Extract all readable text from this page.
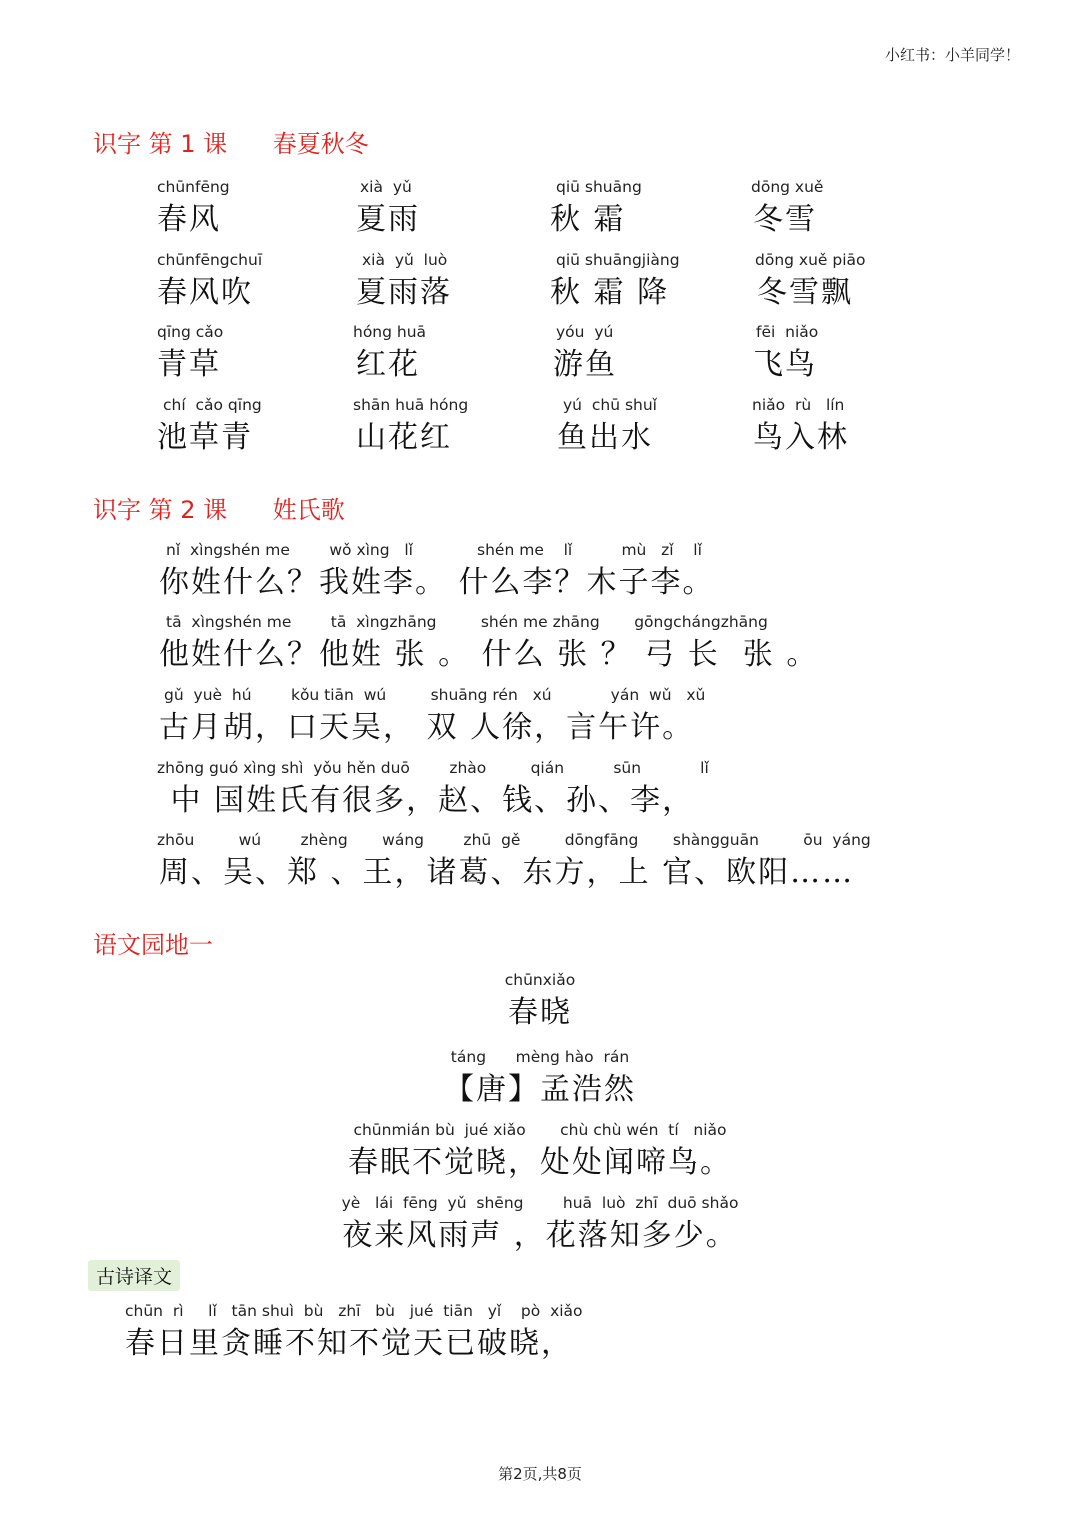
小红书：小羊同学！
识字 第 1 课 春夏秋冬
chūnfēng
春风
xià  yǔ
夏雨
qiū shuāng
秋 霜
dōng xuě
冬雪
chūnfēngchuī
春风吹
xià  yǔ  luò
夏雨落
qiū shuāngjiàng
秋 霜 降
dōng xuě piāo
冬雪飘
qīng cǎo
青草
hóng huā
红花
yóu  yú
游鱼
fēi  niǎo
飞鸟
chí  cǎo qīng
池草青
shān huā hóng
山花红
yú  chū shuǐ
鱼出水
niǎo  rù   lín
鸟入林
识字 第 2 课 姓氏歌
nǐ  xìngshén me        wǒ xìng   lǐ             shén me    lǐ          mù   zǐ    lǐ
你姓什么？我姓李。 什么李？木子李。
tā  xìngshén me        tā  xìngzhāng         shén me zhāng       gōngchángzhāng
他姓什么？他姓 张 。 什么 张 ？ 弓 长  张 。
gǔ  yuè  hú        kǒu tiān  wú         shuāng rén   xú            yán  wǔ   xǔ
古月胡，口天吴， 双 人徐，言午许。
zhōng guó xìng shì  yǒu hěn duō        zhào         qián          sūn            lǐ
中 国姓氏有很多，赵、钱、孙、李，
zhōu         wú        zhèng       wáng        zhū  gě         dōngfāng       shàngguān         ōu  yáng
周、吴、郑 、王，诸葛、东方，上 官、欧阳……
语文园地一
chūnxiǎo
春晓
táng      mèng hào  rán
【唐】孟浩然
chūnmián bù  jué xiǎo       chù chù wén  tí   niǎo
春眠不觉晓，处处闻啼鸟。
yè   lái  fēng  yǔ  shēng        huā  luò  zhī  duō shǎo
夜来风雨声 ，花落知多少。
古诗译文
chūn  rì     lǐ   tān shuì  bù   zhī   bù   jué  tiān   yǐ    pò  xiǎo
春日里贪睡不知不觉天已破晓，
第2页,共8页
